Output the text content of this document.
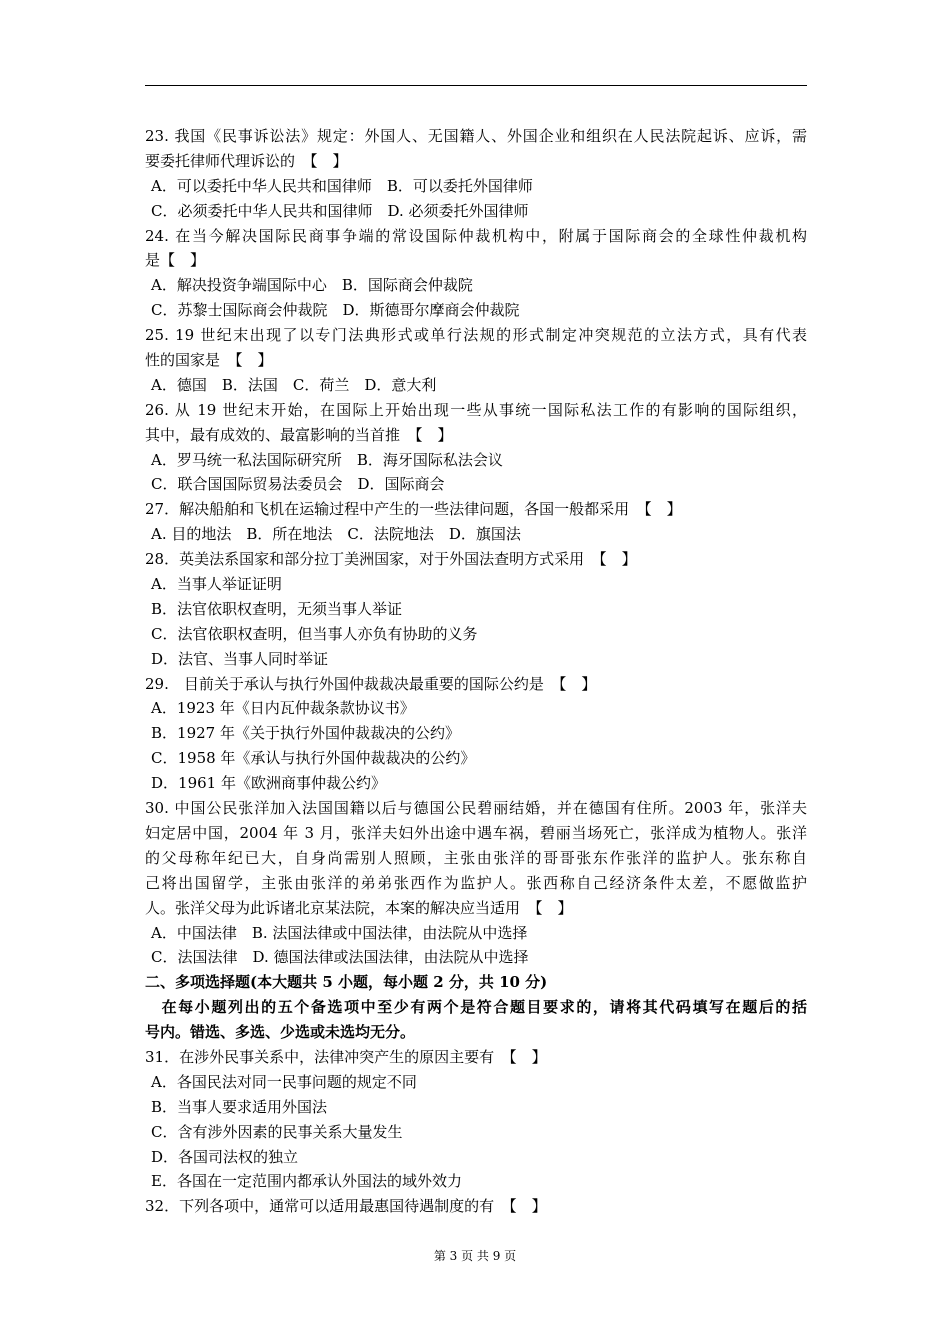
23. 我国《民事诉讼法》规定：外国人、无国籍人、外国企业和组织在人民法院起诉、应诉，需
要委托律师代理诉讼的　【　】
A．可以委托中华人民共和国律师　B．可以委托外国律师
C．必须委托中华人民共和国律师　D. 必须委托外国律师
24. 在当今解决国际民商事争端的常设国际仲裁机构中，附属于国际商会的全球性仲裁机构
是【　】
A．解决投资争端国际中心　B．国际商会仲裁院
C．苏黎士国际商会仲裁院　D．斯德哥尔摩商会仲裁院
25. 19 世纪末出现了以专门法典形式或单行法规的形式制定冲突规范的立法方式，具有代表
性的国家是　【　】
A．德国　B．法国　C．荷兰　D．意大利
26. 从 19 世纪末开始，在国际上开始出现一些从事统一国际私法工作的有影响的国际组织，
其中，最有成效的、最富影响的当首推　【　】
A．罗马统一私法国际研究所　B．海牙国际私法会议
C．联合国国际贸易法委员会　D．国际商会
27．解决船舶和飞机在运输过程中产生的一些法律问题，各国一般都采用　【　】
A. 目的地法　B．所在地法　C．法院地法　D．旗国法
28．英美法系国家和部分拉丁美洲国家，对于外国法查明方式采用　【　】
A．当事人举证证明
B．法官依职权查明，无须当事人举证
C．法官依职权查明，但当事人亦负有协助的义务
D．法官、当事人同时举证
29.　目前关于承认与执行外国仲裁裁决最重要的国际公约是　【　】
A．1923 年《日内瓦仲裁条款协议书》
B．1927 年《关于执行外国仲裁裁决的公约》
C．1958 年《承认与执行外国仲裁裁决的公约》
D．1961 年《欧洲商事仲裁公约》
30. 中国公民张洋加入法国国籍以后与德国公民碧丽结婚，并在德国有住所。2003 年，张洋夫
妇定居中国，2004 年 3 月，张洋夫妇外出途中遇车祸，碧丽当场死亡，张洋成为植物人。张洋
的父母称年纪已大，自身尚需别人照顾，主张由张洋的哥哥张东作张洋的监护人。张东称自
己将出国留学，主张由张洋的弟弟张西作为监护人。张西称自己经济条件太差，不愿做监护
人。张洋父母为此诉诸北京某法院，本案的解决应当适用　【　】
A．中国法律　B. 法国法律或中国法律，由法院从中选择
C．法国法律　D. 德国法律或法国法律，由法院从中选择
二、多项选择题(本大题共 5 小题，每小题 2 分，共 10 分)
　在每小题列出的五个备选项中至少有两个是符合题目要求的，请将其代码填写在题后的括
号内。错选、多选、少选或未选均无分。
31．在涉外民事关系中，法律冲突产生的原因主要有　【　】
A．各国民法对同一民事问题的规定不同
B．当事人要求适用外国法
C．含有涉外因素的民事关系大量发生
D．各国司法权的独立
E．各国在一定范围内都承认外国法的域外效力
32．下列各项中，通常可以适用最惠国待遇制度的有　【　】
第 3 页 共 9 页
